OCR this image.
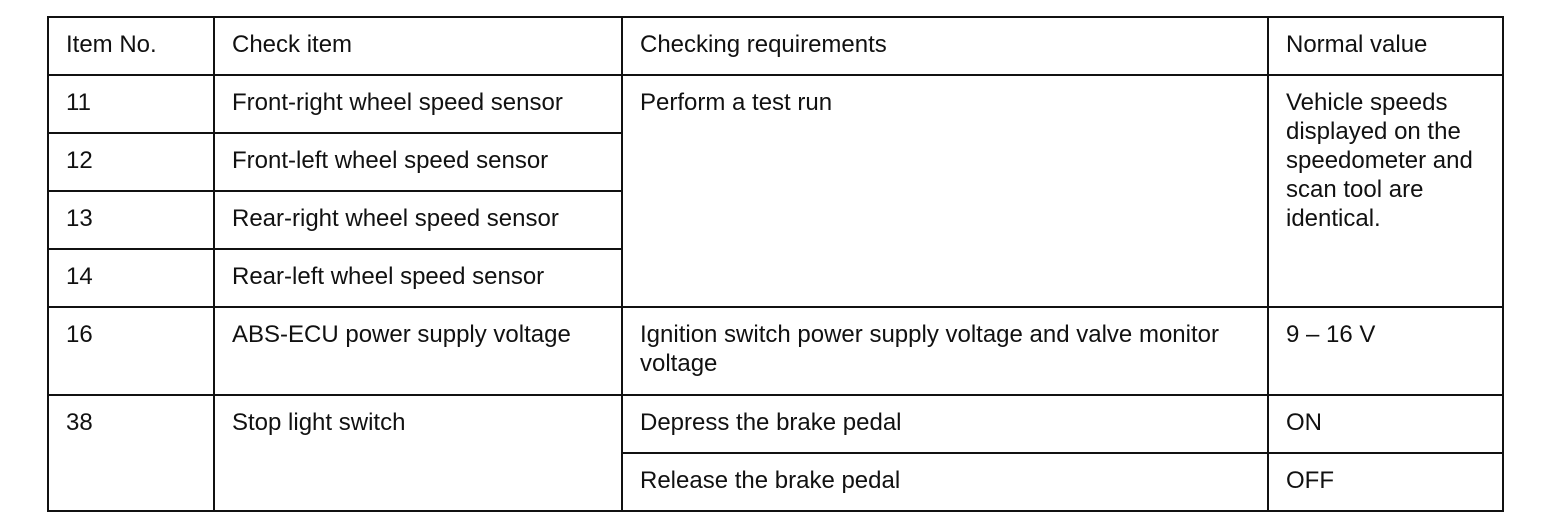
Item No.	Check item	Checking requirements	Normal value
11	Front-right wheel speed sensor	Perform a test run	Vehicle speeds displayed on the speedometer and scan tool are identical.
12	Front-left wheel speed sensor		
13	Rear-right wheel speed sensor		
14	Rear-left wheel speed sensor		
16	ABS-ECU power supply voltage	Ignition switch power supply voltage and valve monitor voltage	9 – 16 V
38	Stop light switch	Depress the brake pedal	ON
		Release the brake pedal	OFF
